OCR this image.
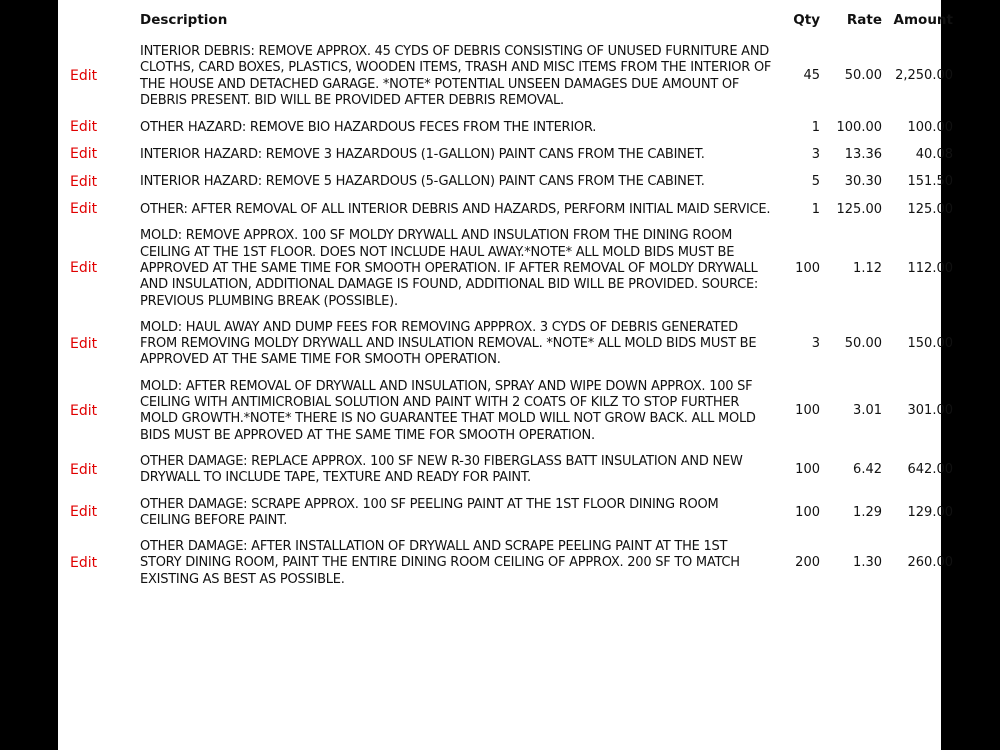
	Description	Qty	Rate	Amount
Edit	INTERIOR DEBRIS: REMOVE APPROX. 45 CYDS OF DEBRIS CONSISTING OF UNUSED FURNITURE AND CLOTHS, CARD BOXES, PLASTICS, WOODEN ITEMS, TRASH AND MISC ITEMS FROM THE INTERIOR OF THE HOUSE AND DETACHED GARAGE. *NOTE* POTENTIAL UNSEEN DAMAGES DUE AMOUNT OF DEBRIS PRESENT. BID WILL BE PROVIDED AFTER DEBRIS REMOVAL.	45	50.00	2,250.00
Edit	OTHER HAZARD: REMOVE BIO HAZARDOUS FECES FROM THE INTERIOR.	1	100.00	100.00
Edit	INTERIOR HAZARD: REMOVE 3 HAZARDOUS (1-GALLON) PAINT CANS FROM THE CABINET.	3	13.36	40.08
Edit	INTERIOR HAZARD: REMOVE 5 HAZARDOUS (5-GALLON) PAINT CANS FROM THE CABINET.	5	30.30	151.50
Edit	OTHER: AFTER REMOVAL OF ALL INTERIOR DEBRIS AND HAZARDS, PERFORM INITIAL MAID SERVICE.	1	125.00	125.00
Edit	MOLD: REMOVE APPROX. 100 SF MOLDY DRYWALL AND INSULATION FROM THE DINING ROOM CEILING AT THE 1ST FLOOR. DOES NOT INCLUDE HAUL AWAY.*NOTE* ALL MOLD BIDS MUST BE APPROVED AT THE SAME TIME FOR SMOOTH OPERATION. IF AFTER REMOVAL OF MOLDY DRYWALL AND INSULATION, ADDITIONAL DAMAGE IS FOUND, ADDITIONAL BID WILL BE PROVIDED. SOURCE: PREVIOUS PLUMBING BREAK (POSSIBLE).	100	1.12	112.00
Edit	MOLD: HAUL AWAY AND DUMP FEES FOR REMOVING APPPROX. 3 CYDS OF DEBRIS GENERATED FROM REMOVING MOLDY DRYWALL AND INSULATION REMOVAL. *NOTE* ALL MOLD BIDS MUST BE APPROVED AT THE SAME TIME FOR SMOOTH OPERATION.	3	50.00	150.00
Edit	MOLD: AFTER REMOVAL OF DRYWALL AND INSULATION, SPRAY AND WIPE DOWN APPROX. 100 SF CEILING WITH ANTIMICROBIAL SOLUTION AND PAINT WITH 2 COATS OF KILZ TO STOP FURTHER MOLD GROWTH.*NOTE* THERE IS NO GUARANTEE THAT MOLD WILL NOT GROW BACK. ALL MOLD BIDS MUST BE APPROVED AT THE SAME TIME FOR SMOOTH OPERATION.	100	3.01	301.00
Edit	OTHER DAMAGE: REPLACE APPROX. 100 SF NEW R-30 FIBERGLASS BATT INSULATION AND NEW DRYWALL TO INCLUDE TAPE, TEXTURE AND READY FOR PAINT.	100	6.42	642.00
Edit	OTHER DAMAGE: SCRAPE APPROX. 100 SF PEELING PAINT AT THE 1ST FLOOR DINING ROOM CEILING BEFORE PAINT.	100	1.29	129.00
Edit	OTHER DAMAGE: AFTER INSTALLATION OF DRYWALL AND SCRAPE PEELING PAINT AT THE 1ST STORY DINING ROOM, PAINT THE ENTIRE DINING ROOM CEILING OF APPROX. 200 SF TO MATCH EXISTING AS BEST AS POSSIBLE.	200	1.30	260.00
